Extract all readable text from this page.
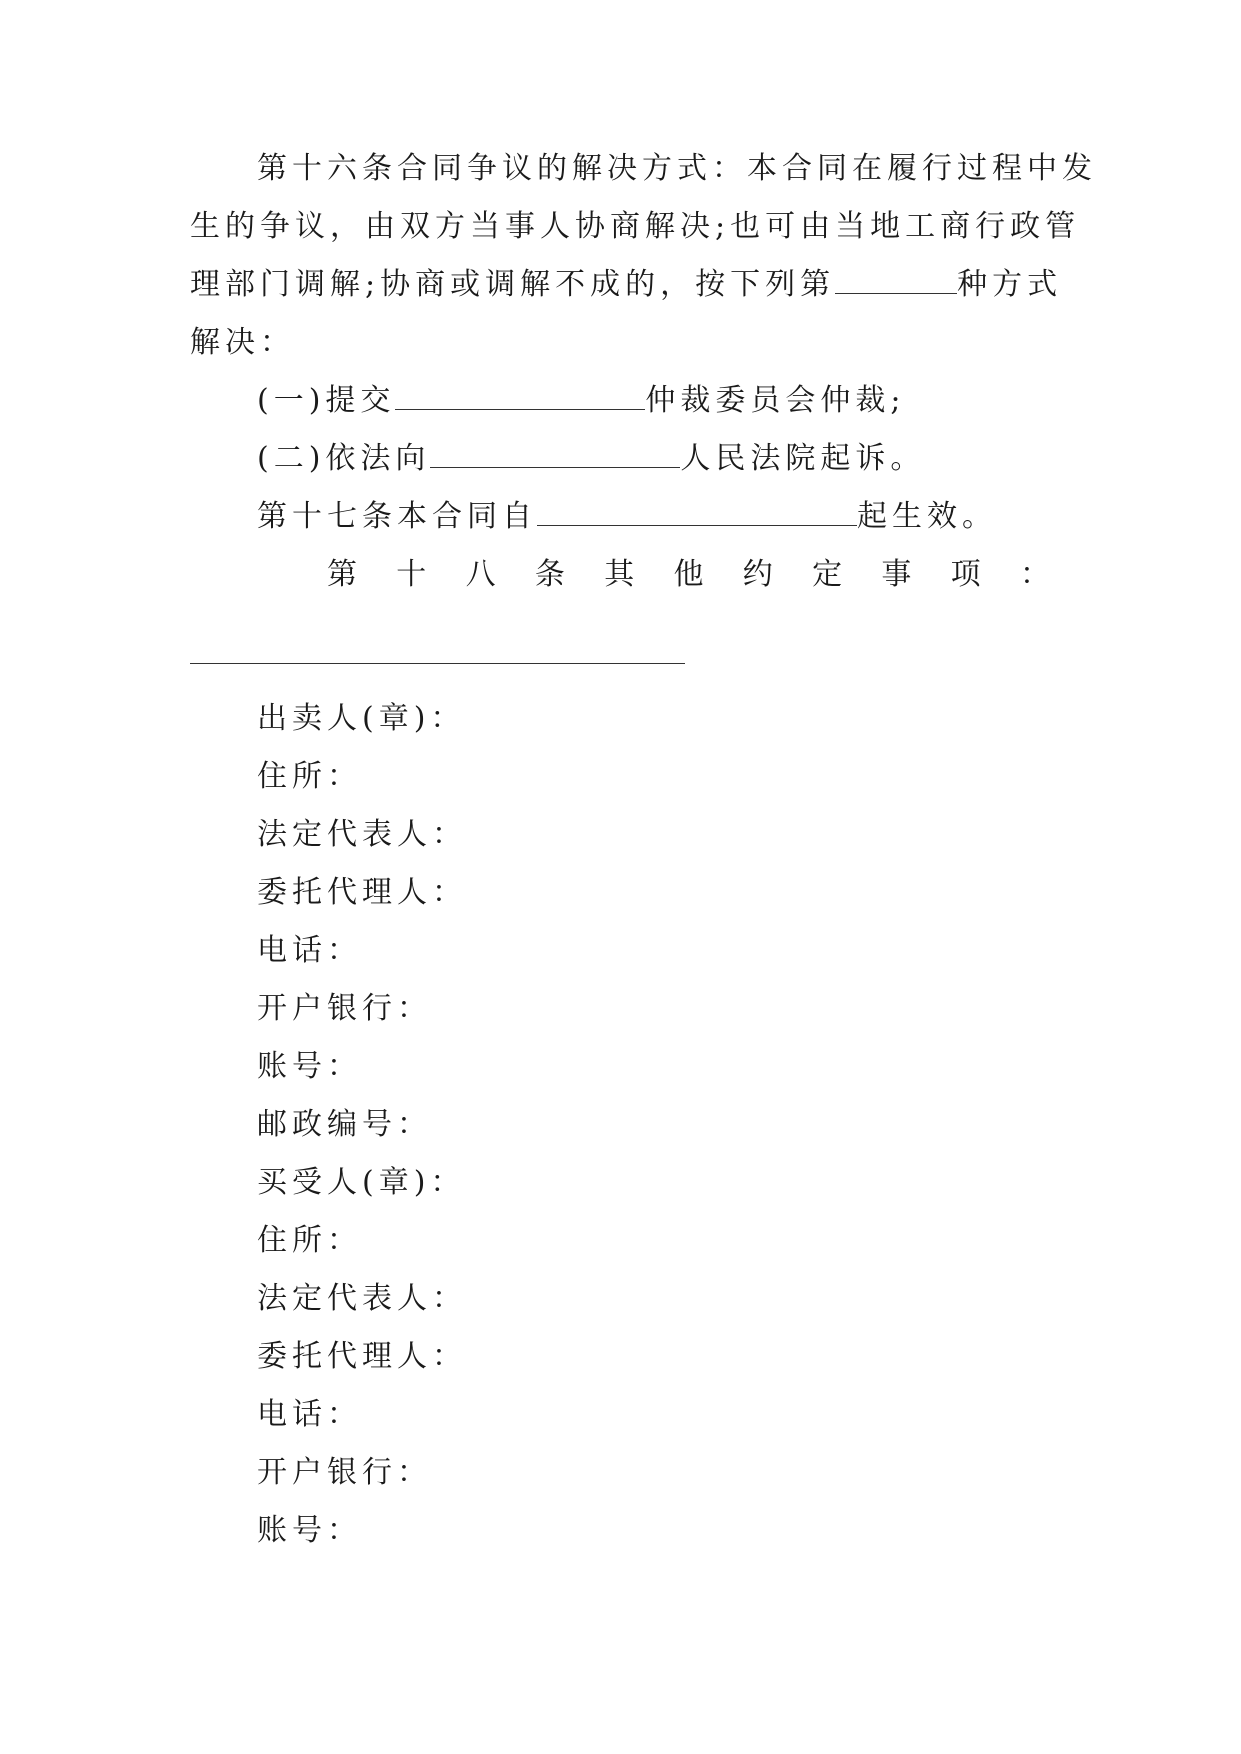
第十六条合同争议的解决方式：本合同在履行过程中发
生的争议，由双方当事人协商解决;也可由当地工商行政管
理部门调解;协商或调解不成的，按下列第	种方式
解决：
(一)提交	仲裁委员会仲裁;
(二)依法向	人民法院起诉。
第十七条本合同自	起生效。
第 十 八 条 其 他 约 定 事 项 ：
出卖人(章)：
住所：
法定代表人：
委托代理人：
电话：
开户银行：
账号：
邮政编号：
买受人(章)：
住所：
法定代表人：
委托代理人：
电话：
开户银行：
账号：
